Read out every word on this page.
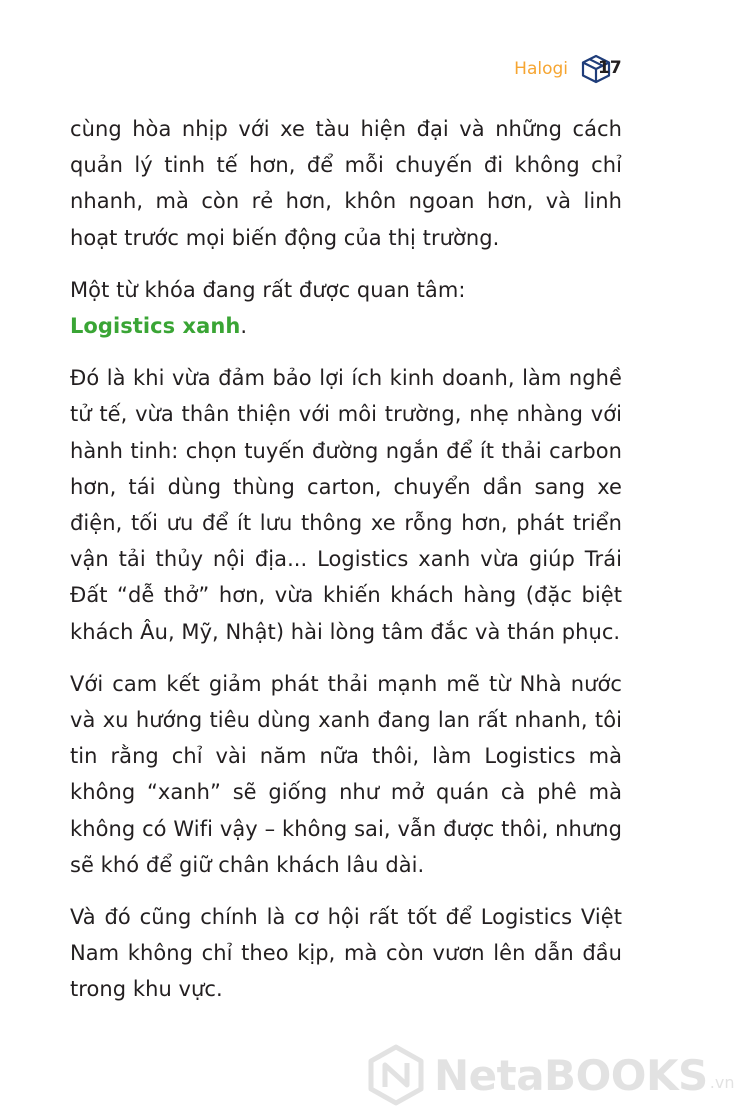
Halogi 17

cùng hòa nhịp với xe tàu hiện đại và những cách quản lý tinh tế hơn, để mỗi chuyến đi không chỉ nhanh, mà còn rẻ hơn, khôn ngoan hơn, và linh hoạt trước mọi biến động của thị trường.

Một từ khóa đang rất được quan tâm:
Logistics xanh.

Đó là khi vừa đảm bảo lợi ích kinh doanh, làm nghề tử tế, vừa thân thiện với môi trường, nhẹ nhàng với hành tinh: chọn tuyến đường ngắn để ít thải carbon hơn, tái dùng thùng carton, chuyển dần sang xe điện, tối ưu để ít lưu thông xe rỗng hơn, phát triển vận tải thủy nội địa... Logistics xanh vừa giúp Trái Đất “dễ thở” hơn, vừa khiến khách hàng (đặc biệt khách Âu, Mỹ, Nhật) hài lòng tâm đắc và thán phục.

Với cam kết giảm phát thải mạnh mẽ từ Nhà nước và xu hướng tiêu dùng xanh đang lan rất nhanh, tôi tin rằng chỉ vài năm nữa thôi, làm Logistics mà không “xanh” sẽ giống như mở quán cà phê mà không có Wifi vậy – không sai, vẫn được thôi, nhưng sẽ khó để giữ chân khách lâu dài.

Và đó cũng chính là cơ hội rất tốt để Logistics Việt Nam không chỉ theo kịp, mà còn vươn lên dẫn đầu trong khu vực.

NetaBOOKS .vn
